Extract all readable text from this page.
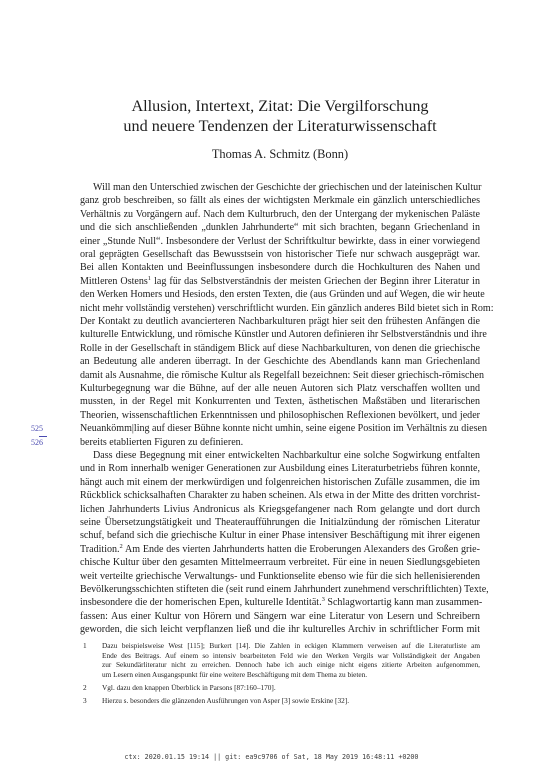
Allusion, Intertext, Zitat: Die Vergilforschung
und neuere Tendenzen der Literaturwissenschaft
Thomas A. Schmitz (Bonn)
Will man den Unterschied zwischen der Geschichte der griechischen und der lateinischen Kultur
ganz grob beschreiben, so fällt als eines der wichtigsten Merkmale ein gänzlich unterschiedliches
Verhältnis zu Vorgängern auf. Nach dem Kulturbruch, den der Untergang der mykenischen Paläste
und die sich anschließenden „dunklen Jahrhunderte“ mit sich brachten, begann Griechenland in
einer „Stunde Null“. Insbesondere der Verlust der Schriftkultur bewirkte, dass in einer vorwiegend
oral geprägten Gesellschaft das Bewusstsein von historischer Tiefe nur schwach ausgeprägt war.
Bei allen Kontakten und Beeinflussungen insbesondere durch die Hochkulturen des Nahen und
Mittleren Ostens$^1$ lag für das Selbstverständnis der meisten Griechen der Beginn ihrer Literatur in
den Werken Homers und Hesiods, den ersten Texten, die (aus Gründen und auf Wegen, die wir heute
nicht mehr vollständig verstehen) verschriftlicht wurden. Ein gänzlich anderes Bild bietet sich in Rom:
Der Kontakt zu deutlich avancierteren Nachbarkulturen prägt hier seit den frühesten Anfängen die
kulturelle Entwicklung, und römische Künstler und Autoren definieren ihr Selbstverständnis und ihre
Rolle in der Gesellschaft in ständigem Blick auf diese Nachbarkulturen, von denen die griechische
an Bedeutung alle anderen überragt. In der Geschichte des Abendlands kann man Griechenland
damit als Ausnahme, die römische Kultur als Regelfall bezeichnen: Seit dieser griechisch-römischen
Kulturbegegnung war die Bühne, auf der alle neuen Autoren sich Platz verschaffen wollten und
mussten, in der Regel mit Konkurrenten und Texten, ästhetischen Maßstäben und literarischen
Theorien, wissenschaftlichen Erkenntnissen und philosophischen Reflexionen bevölkert, und jeder
Neuankömm|ling auf dieser Bühne konnte nicht umhin, seine eigene Position im Verhältnis zu diesen
bereits etablierten Figuren zu definieren.
Dass diese Begegnung mit einer entwickelten Nachbarkultur eine solche Sogwirkung entfalten
und in Rom innerhalb weniger Generationen zur Ausbildung eines Literaturbetriebs führen konnte,
hängt auch mit einem der merkwürdigen und folgenreichen historischen Zufälle zusammen, die im
Rückblick schicksalhaften Charakter zu haben scheinen. Als etwa in der Mitte des dritten vorchrist-
lichen Jahrhunderts Livius Andronicus als Kriegsgefangener nach Rom gelangte und dort durch
seine Übersetzungstätigkeit und Theateraufführungen die Initialzündung der römischen Literatur
schuf, befand sich die griechische Kultur in einer Phase intensiver Beschäftigung mit ihrer eigenen
Tradition.$^2$ Am Ende des vierten Jahrhunderts hatten die Eroberungen Alexanders des Großen grie-
chische Kultur über den gesamten Mittelmeerraum verbreitet. Für eine in neuen Siedlungsgebieten
weit verteilte griechische Verwaltungs- und Funktionselite ebenso wie für die sich hellenisierenden
Bevölkerungsschichten stifteten die (seit rund einem Jahrhundert zunehmend verschriftlichten) Texte,
insbesondere die der homerischen Epen, kulturelle Identität.$^3$ Schlagwortartig kann man zusammen-
fassen: Aus einer Kultur von Hörern und Sängern war eine Literatur von Lesern und Schreibern
geworden, die sich leicht verpflanzen ließ und die ihr kulturelles Archiv in schriftlicher Form mit
525
526
1 Dazu beispielsweise West [115]; Burkert [14]. Die Zahlen in eckigen Klammern verweisen auf die Literaturliste am
Ende des Beitrags. Auf einem so intensiv bearbeiteten Feld wie den Werken Vergils war Vollständigkeit der Angaben
zur Sekundärliteratur nicht zu erreichen. Dennoch habe ich auch einige nicht eigens zitierte Arbeiten aufgenommen,
um Lesern einen Ausgangspunkt für eine weitere Beschäftigung mit dem Thema zu bieten.
2 Vgl. dazu den knappen Überblick in Parsons [87:160–170].
3 Hierzu s. besonders die glänzenden Ausführungen von Asper [3] sowie Erskine [32].
ctx: 2020.01.15 19:14 || git: ea9c9706 of Sat, 18 May 2019 16:48:11 +0200
